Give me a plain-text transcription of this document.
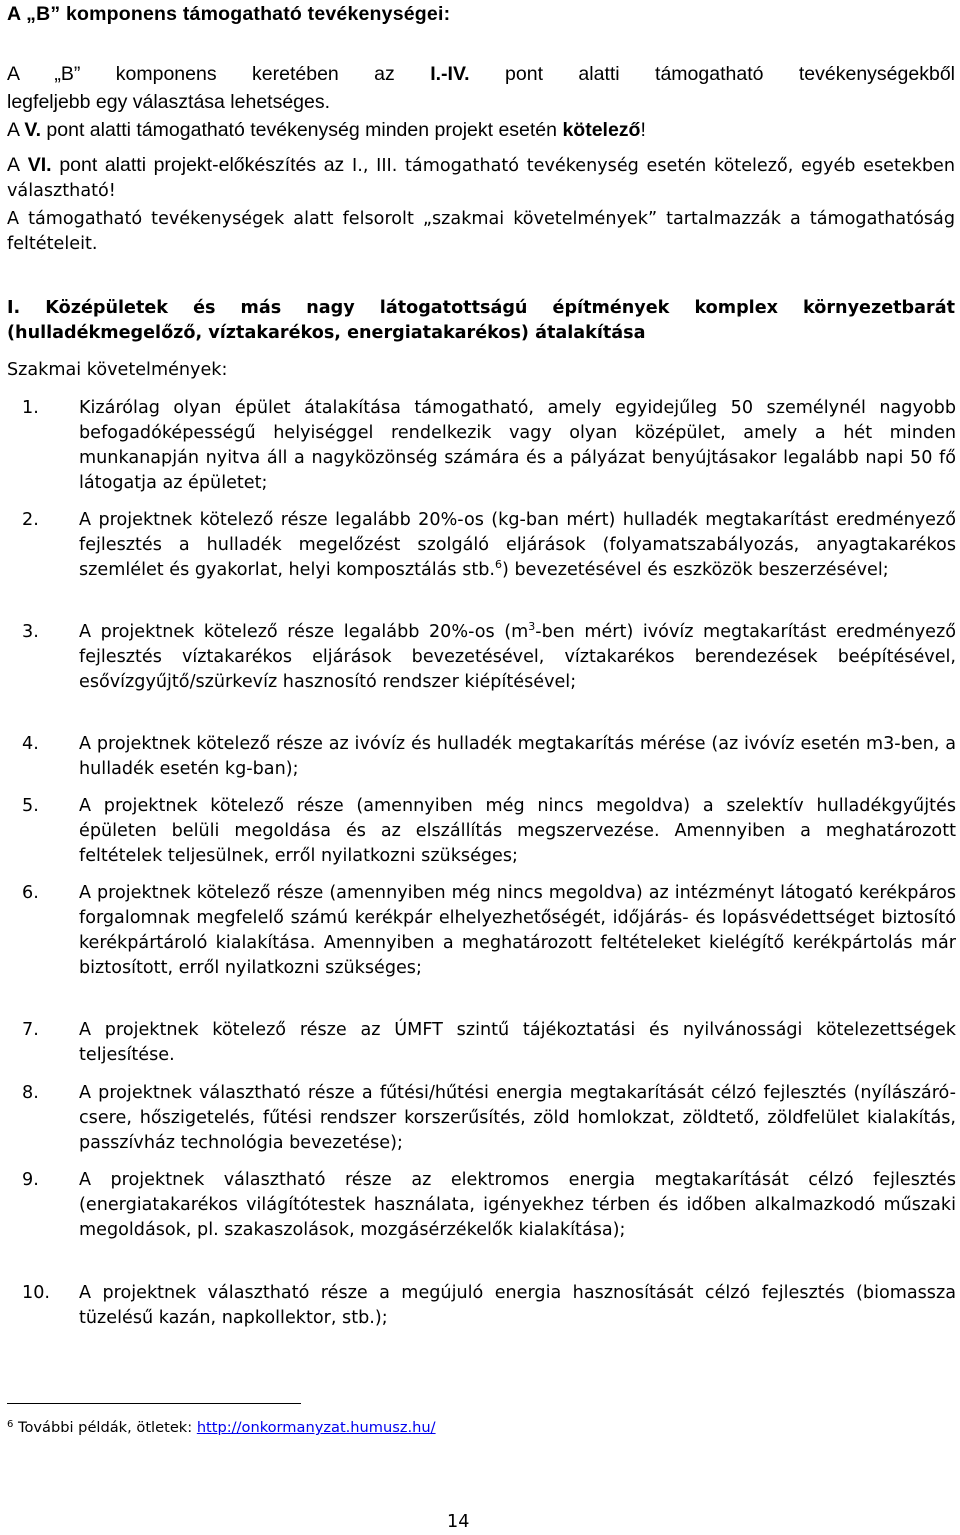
A „B” komponens támogatható tevékenységei:

A „B” komponens keretében az I.-IV. pont alatti támogatható tevékenységekből

legfeljebb egy választása lehetséges.

A V. pont alatti támogatható tevékenység minden projekt esetén kötelező!

A VI. pont alatti projekt-előkészítés az I., III. támogatható tevékenység esetén kötelező, egyéb esetekben választható!

A támogatható tevékenységek alatt felsorolt „szakmai követelmények” tartalmazzák a támogathatóság feltételeit.
I. Középületek és más nagy látogatottságú építmények komplex környezetbarát (hulladékmegelőző, víztakarékos, energiatakarékos) átalakítása
Szakmai követelmények:
1. Kizárólag olyan épület átalakítása támogatható, amely egyidejűleg 50 személynél nagyobb befogadóképességű helyiséggel rendelkezik vagy olyan középület, amely a hét minden munkanapján nyitva áll a nagyközönség számára és a pályázat benyújtásakor legalább napi 50 fő látogatja az épületet;
2. A projektnek kötelező része legalább 20%-os (kg-ban mért) hulladék megtakarítást eredményező fejlesztés a hulladék megelőzést szolgáló eljárások (folyamatszabályozás, anyagtakarékos szemlélet és gyakorlat, helyi komposztálás stb.$^6$) bevezetésével és eszközök beszerzésével;
3. A projektnek kötelező része legalább 20%-os ($m^3$-ben mért) ivóvíz megtakarítást eredményező fejlesztés víztakarékos eljárások bevezetésével, víztakarékos berendezések beépítésével, esővízgyűjtő/szürkevíz hasznosító rendszer kiépítésével;
4. A projektnek kötelező része az ivóvíz és hulladék megtakarítás mérése (az ivóvíz esetén m3-ben, a hulladék esetén kg-ban);
5. A projektnek kötelező része (amennyiben még nincs megoldva) a szelektív hulladékgyűjtés épületen belüli megoldása és az elszállítás megszervezése. Amennyiben a meghatározott feltételek teljesülnek, erről nyilatkozni szükséges;
6. A projektnek kötelező része (amennyiben még nincs megoldva) az intézményt látogató kerékpáros forgalomnak megfelelő számú kerékpár elhelyezhetőségét, időjárás- és lopásvédettséget biztosító kerékpártároló kialakítása. Amennyiben a meghatározott feltételeket kielégítő kerékpártolás már biztosított, erről nyilatkozni szükséges;
7. A projektnek kötelező része az ÚMFT szintű tájékoztatási és nyilvánossági kötelezettségek teljesítése.
8. A projektnek választható része a fűtési/hűtési energia megtakarítását célzó fejlesztés (nyílászáró-csere, hőszigetelés, fűtési rendszer korszerűsítés, zöld homlokzat, zöldtető, zöldfelület kialakítás, passzívház technológia bevezetése);
9. A projektnek választható része az elektromos energia megtakarítását célzó fejlesztés (energiatakarékos világítótestek használata, igényekhez térben és időben alkalmazkodó műszaki megoldások, pl. szakaszolások, mozgásérzékelők kialakítása);
10. A projektnek választható része a megújuló energia hasznosítását célzó fejlesztés (biomassza tüzelésű kazán, napkollektor, stb.);
$^6$ További példák, ötletek: http://onkormanyzat.humusz.hu/
14
